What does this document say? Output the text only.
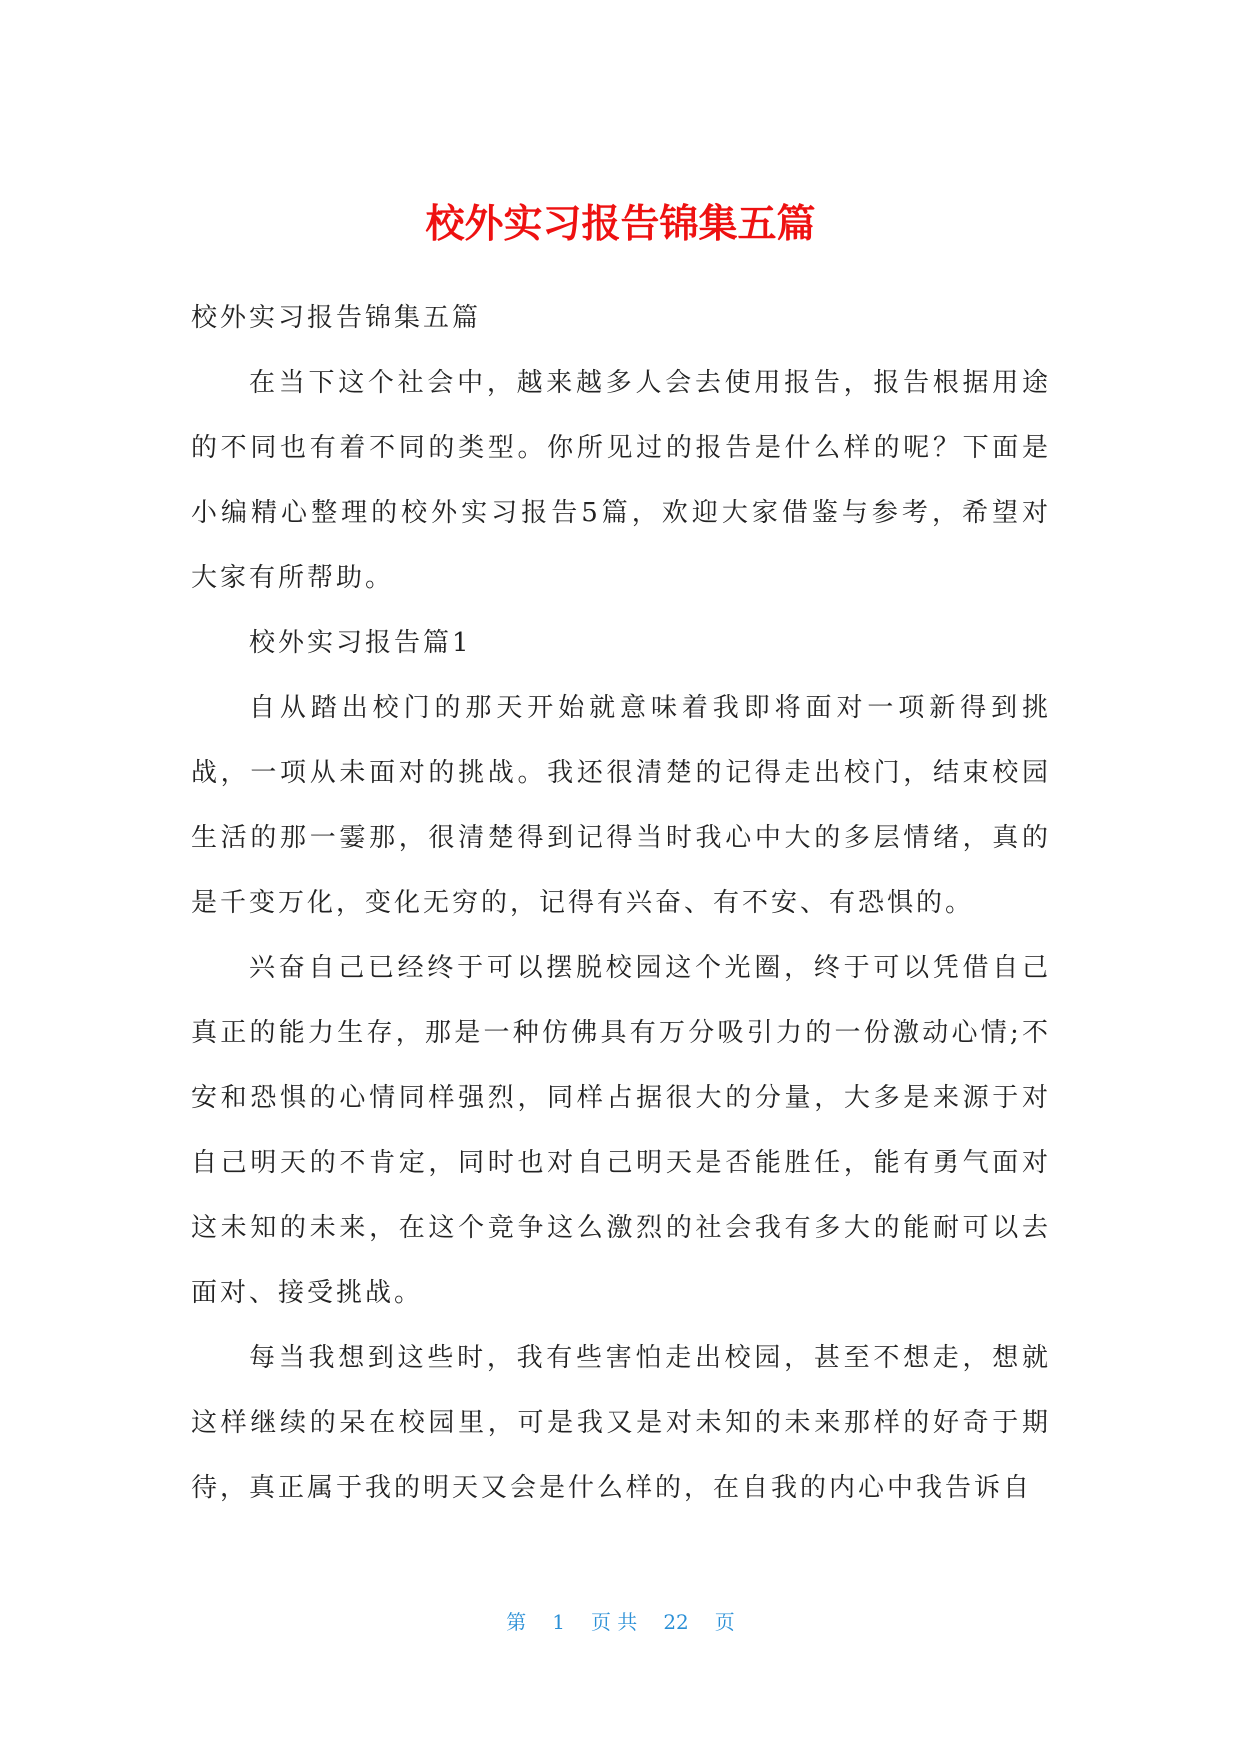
校外实习报告锦集五篇

校外实习报告锦集五篇

在当下这个社会中，越来越多人会去使用报告，报告根据用途的不同也有着不同的类型。你所见过的报告是什么样的呢？下面是小编精心整理的校外实习报告5篇，欢迎大家借鉴与参考，希望对大家有所帮助。

校外实习报告篇1

自从踏出校门的那天开始就意味着我即将面对一项新得到挑战，一项从未面对的挑战。我还很清楚的记得走出校门，结束校园生活的那一霎那，很清楚得到记得当时我心中大的多层情绪，真的是千变万化，变化无穷的，记得有兴奋、有不安、有恐惧的。

兴奋自己已经终于可以摆脱校园这个光圈，终于可以凭借自己真正的能力生存，那是一种仿佛具有万分吸引力的一份激动心情;不安和恐惧的心情同样强烈，同样占据很大的分量，大多是来源于对自己明天的不肯定，同时也对自己明天是否能胜任，能有勇气面对这未知的未来，在这个竞争这么激烈的社会我有多大的能耐可以去面对、接受挑战。

每当我想到这些时，我有些害怕走出校园，甚至不想走，想就这样继续的呆在校园里，可是我又是对未知的未来那样的好奇于期待，真正属于我的明天又会是什么样的，在自我的内心中我告诉自

第 1 页 共 22 页
